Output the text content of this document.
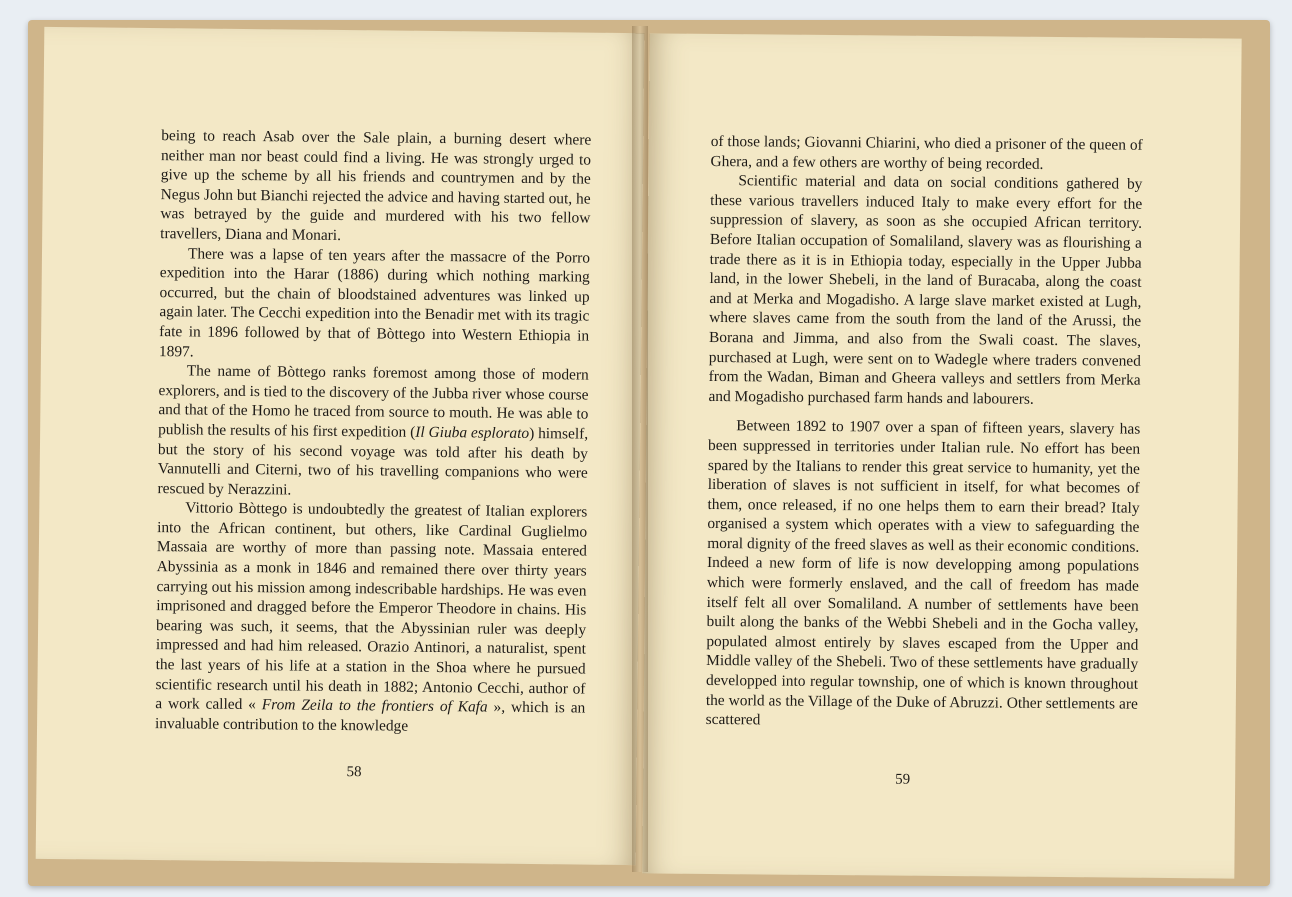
being to reach Asab over the Sale plain, a burning desert where neither man nor beast could find a living. He was strongly urged to give up the scheme by all his friends and countrymen and by the Negus John but Bianchi rejected the advice and having started out, he was betrayed by the guide and murdered with his two fellow travellers, Diana and Monari.

There was a lapse of ten years after the massacre of the Porro expedition into the Harar (1886) during which nothing marking occurred, but the chain of bloodstained adventures was linked up again later. The Cecchi expedition into the Benadir met with its tragic fate in 1896 followed by that of Bòttego into Western Ethiopia in 1897.

The name of Bòttego ranks foremost among those of modern explorers, and is tied to the discovery of the Jubba river whose course and that of the Homo he traced from source to mouth. He was able to publish the results of his first expedition (Il Giuba esplorato) himself, but the story of his second voyage was told after his death by Vannutelli and Citerni, two of his travelling companions who were rescued by Nerazzini.

Vittorio Bòttego is undoubtedly the greatest of Italian explorers into the African continent, but others, like Cardinal Guglielmo Massaia are worthy of more than passing note. Massaia entered Abyssinia as a monk in 1846 and remained there over thirty years carrying out his mission among indescribable hardships. He was even imprisoned and dragged before the Emperor Theodore in chains. His bearing was such, it seems, that the Abyssinian ruler was deeply impressed and had him released. Orazio Antinori, a naturalist, spent the last years of his life at a station in the Shoa where he pursued scientific research until his death in 1882; Antonio Cecchi, author of a work called « From Zeila to the frontiers of Kafa », which is an invaluable contribution to the knowledge

58

of those lands; Giovanni Chiarini, who died a prisoner of the queen of Ghera, and a few others are worthy of being recorded.

Scientific material and data on social conditions gathered by these various travellers induced Italy to make every effort for the suppression of slavery, as soon as she occupied African territory. Before Italian occupation of Somaliland, slavery was as flourishing a trade there as it is in Ethiopia today, especially in the Upper Jubba land, in the lower Shebeli, in the land of Buracaba, along the coast and at Merka and Mogadisho. A large slave market existed at Lugh, where slaves came from the south from the land of the Arussi, the Borana and Jimma, and also from the Swali coast. The slaves, purchased at Lugh, were sent on to Wadegle where traders convened from the Wadan, Biman and Gheera valleys and settlers from Merka and Mogadisho purchased farm hands and labourers.

Between 1892 to 1907 over a span of fifteen years, slavery has been suppressed in territories under Italian rule. No effort has been spared by the Italians to render this great service to humanity, yet the liberation of slaves is not sufficient in itself, for what becomes of them, once released, if no one helps them to earn their bread? Italy organised a system which operates with a view to safeguarding the moral dignity of the freed slaves as well as their economic conditions. Indeed a new form of life is now developping among populations which were formerly enslaved, and the call of freedom has made itself felt all over Somaliland. A number of settlements have been built along the banks of the Webbi Shebeli and in the Gocha valley, populated almost entirely by slaves escaped from the Upper and Middle valley of the Shebeli. Two of these settlements have gradually developped into regular township, one of which is known throughout the world as the Village of the Duke of Abruzzi. Other settlements are scattered

59
